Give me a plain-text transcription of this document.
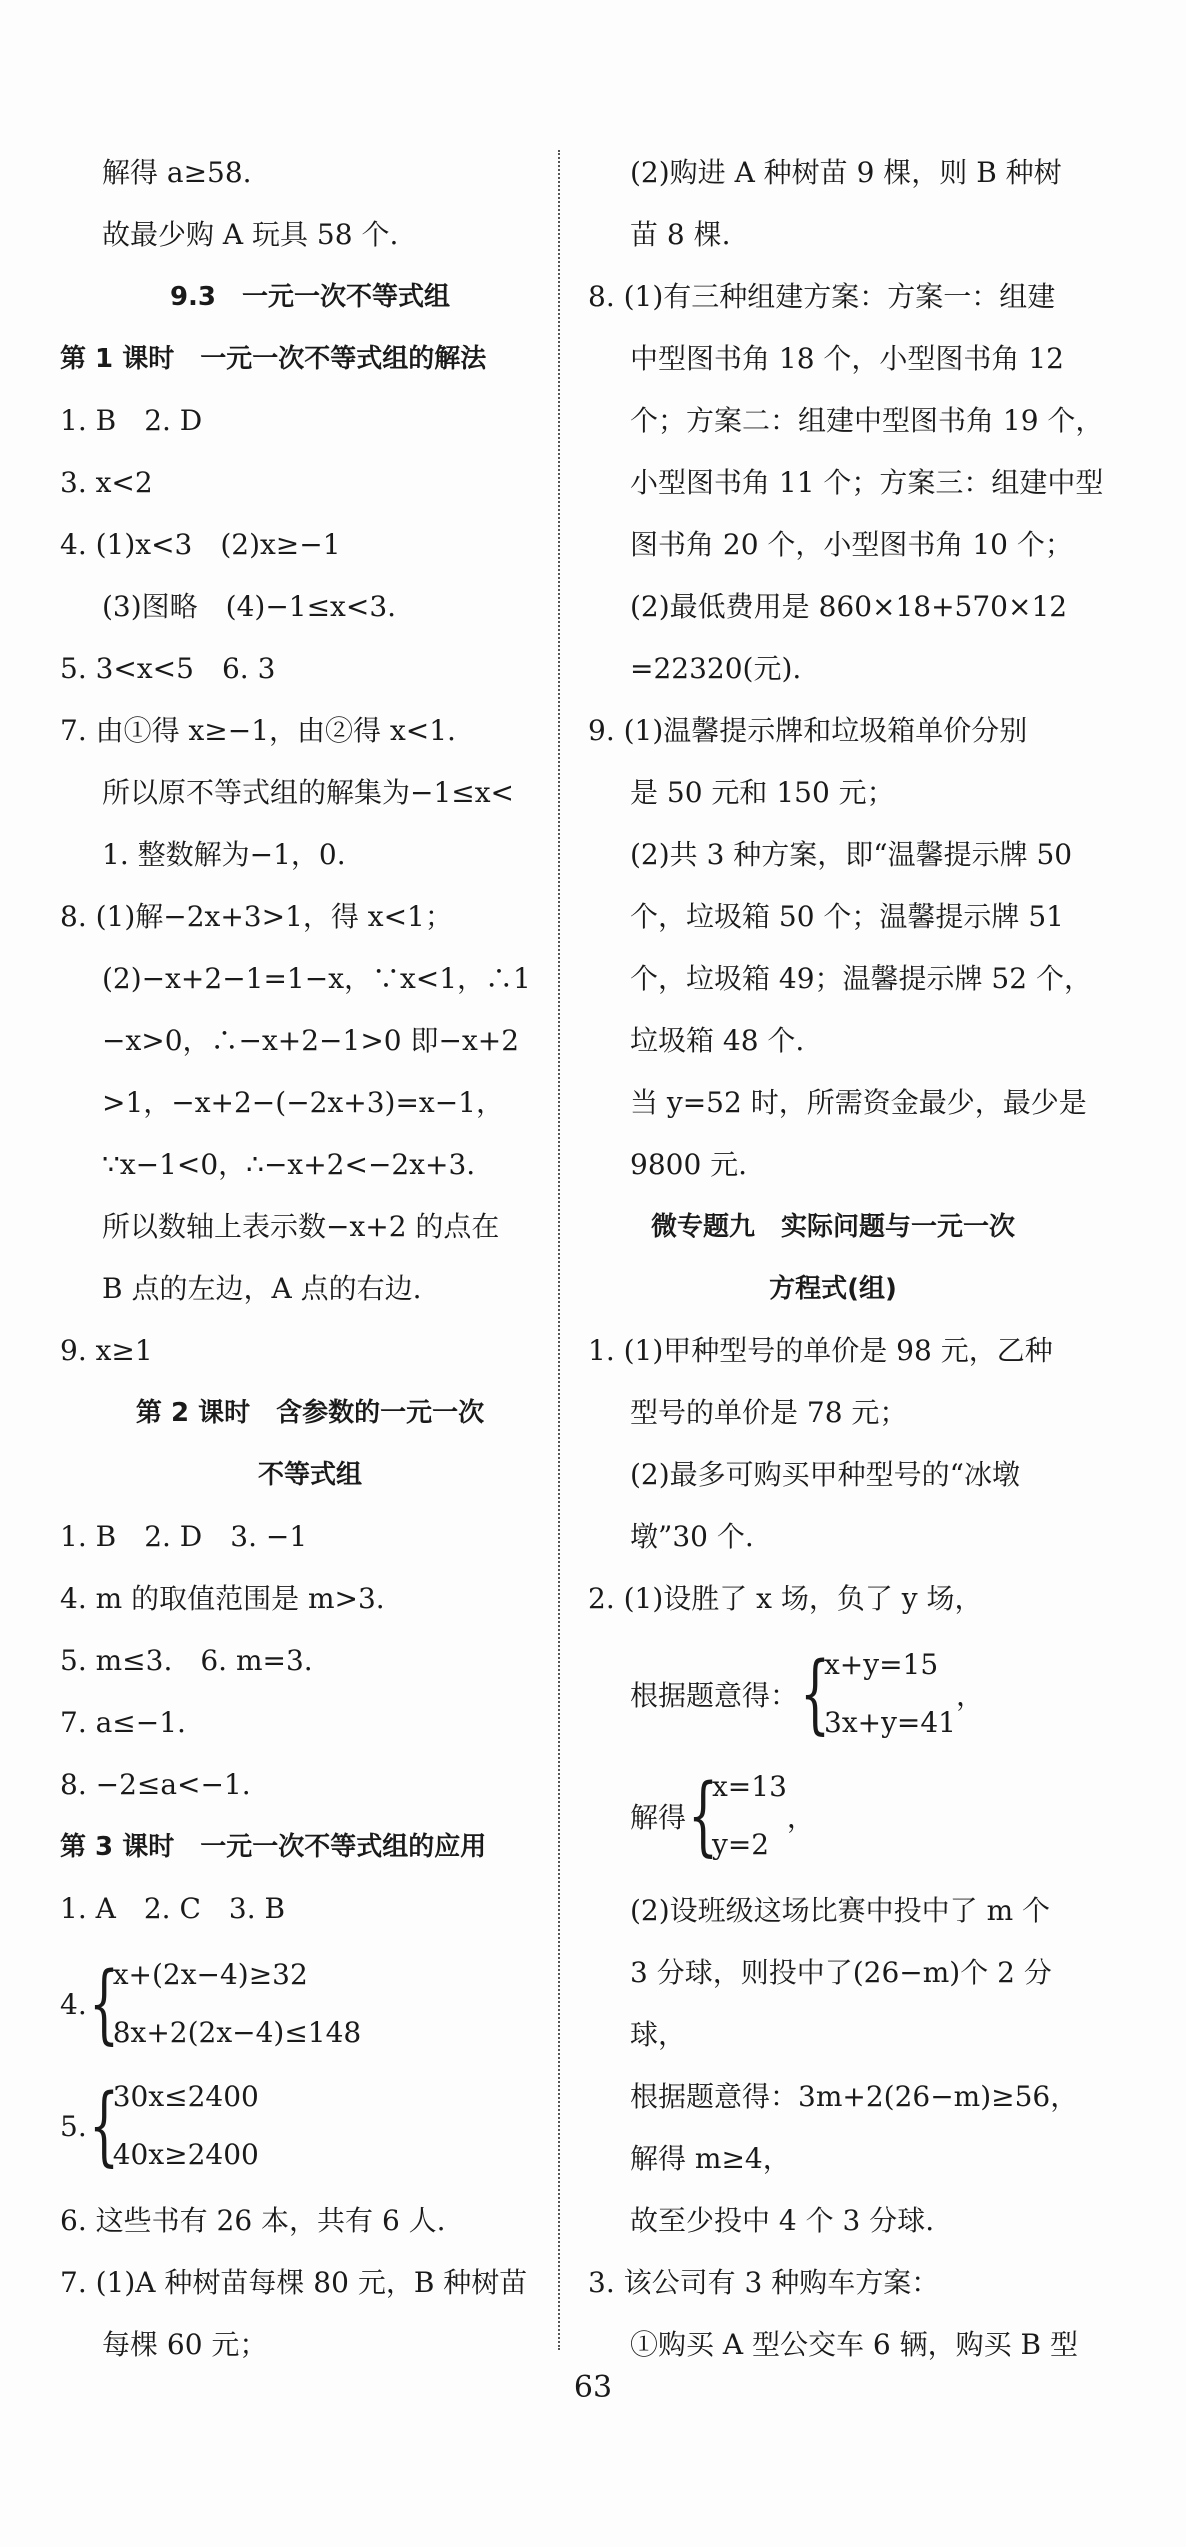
解得 a≥58.
故最少购 A 玩具 58 个.
9.3　一元一次不等式组
第 1 课时　一元一次不等式组的解法
1. B　2. D
3. x<2
4. (1)x<3　(2)x≥−1
(3)图略　(4)−1≤x<3.
5. 3<x<5　6. 3
7. 由①得 x≥−1，由②得 x<1.
所以原不等式组的解集为−1≤x<
1. 整数解为−1，0.
8. (1)解−2x+3>1，得 x<1；
(2)−x+2−1=1−x，∵x<1，∴1
−x>0，∴−x+2−1>0 即−x+2
>1，−x+2−(−2x+3)=x−1，
∵x−1<0，∴−x+2<−2x+3.
所以数轴上表示数−x+2 的点在
B 点的左边，A 点的右边.
9. x≥1
第 2 课时　含参数的一元一次
不等式组
1. B　2. D　3. −1
4. m 的取值范围是 m>3.
5. m≤3.　6. m=3.
7. a≤−1.
8. −2≤a<−1.
第 3 课时　一元一次不等式组的应用
1. A　2. C　3. B
4. {
x+(2x−4)≥32
8x+2(2x−4)≤148
5. {
30x≤2400
40x≥2400
6. 这些书有 26 本，共有 6 人.
7. (1)A 种树苗每棵 80 元，B 种树苗
每棵 60 元；
(2)购进 A 种树苗 9 棵，则 B 种树
苗 8 棵.
8. (1)有三种组建方案：方案一：组建
中型图书角 18 个，小型图书角 12
个；方案二：组建中型图书角 19 个，
小型图书角 11 个；方案三：组建中型
图书角 20 个，小型图书角 10 个；
(2)最低费用是 860×18+570×12
=22320(元).
9. (1)温馨提示牌和垃圾箱单价分别
是 50 元和 150 元；
(2)共 3 种方案，即“温馨提示牌 50
个，垃圾箱 50 个；温馨提示牌 51
个，垃圾箱 49；温馨提示牌 52 个，
垃圾箱 48 个.
当 y=52 时，所需资金最少，最少是
9800 元.
微专题九　实际问题与一元一次
方程式(组)
1. (1)甲种型号的单价是 98 元，乙种
型号的单价是 78 元；
(2)最多可购买甲种型号的“冰墩
墩”30 个.
2. (1)设胜了 x 场，负了 y 场，
根据题意得： {
x+y=15
3x+y=41
，
解得 {
x=13
y=2
，
(2)设班级这场比赛中投中了 m 个
3 分球，则投中了(26−m)个 2 分
球，
根据题意得：3m+2(26−m)≥56，
解得 m≥4，
故至少投中 4 个 3 分球.
3. 该公司有 3 种购车方案：
①购买 A 型公交车 6 辆，购买 B 型
63
